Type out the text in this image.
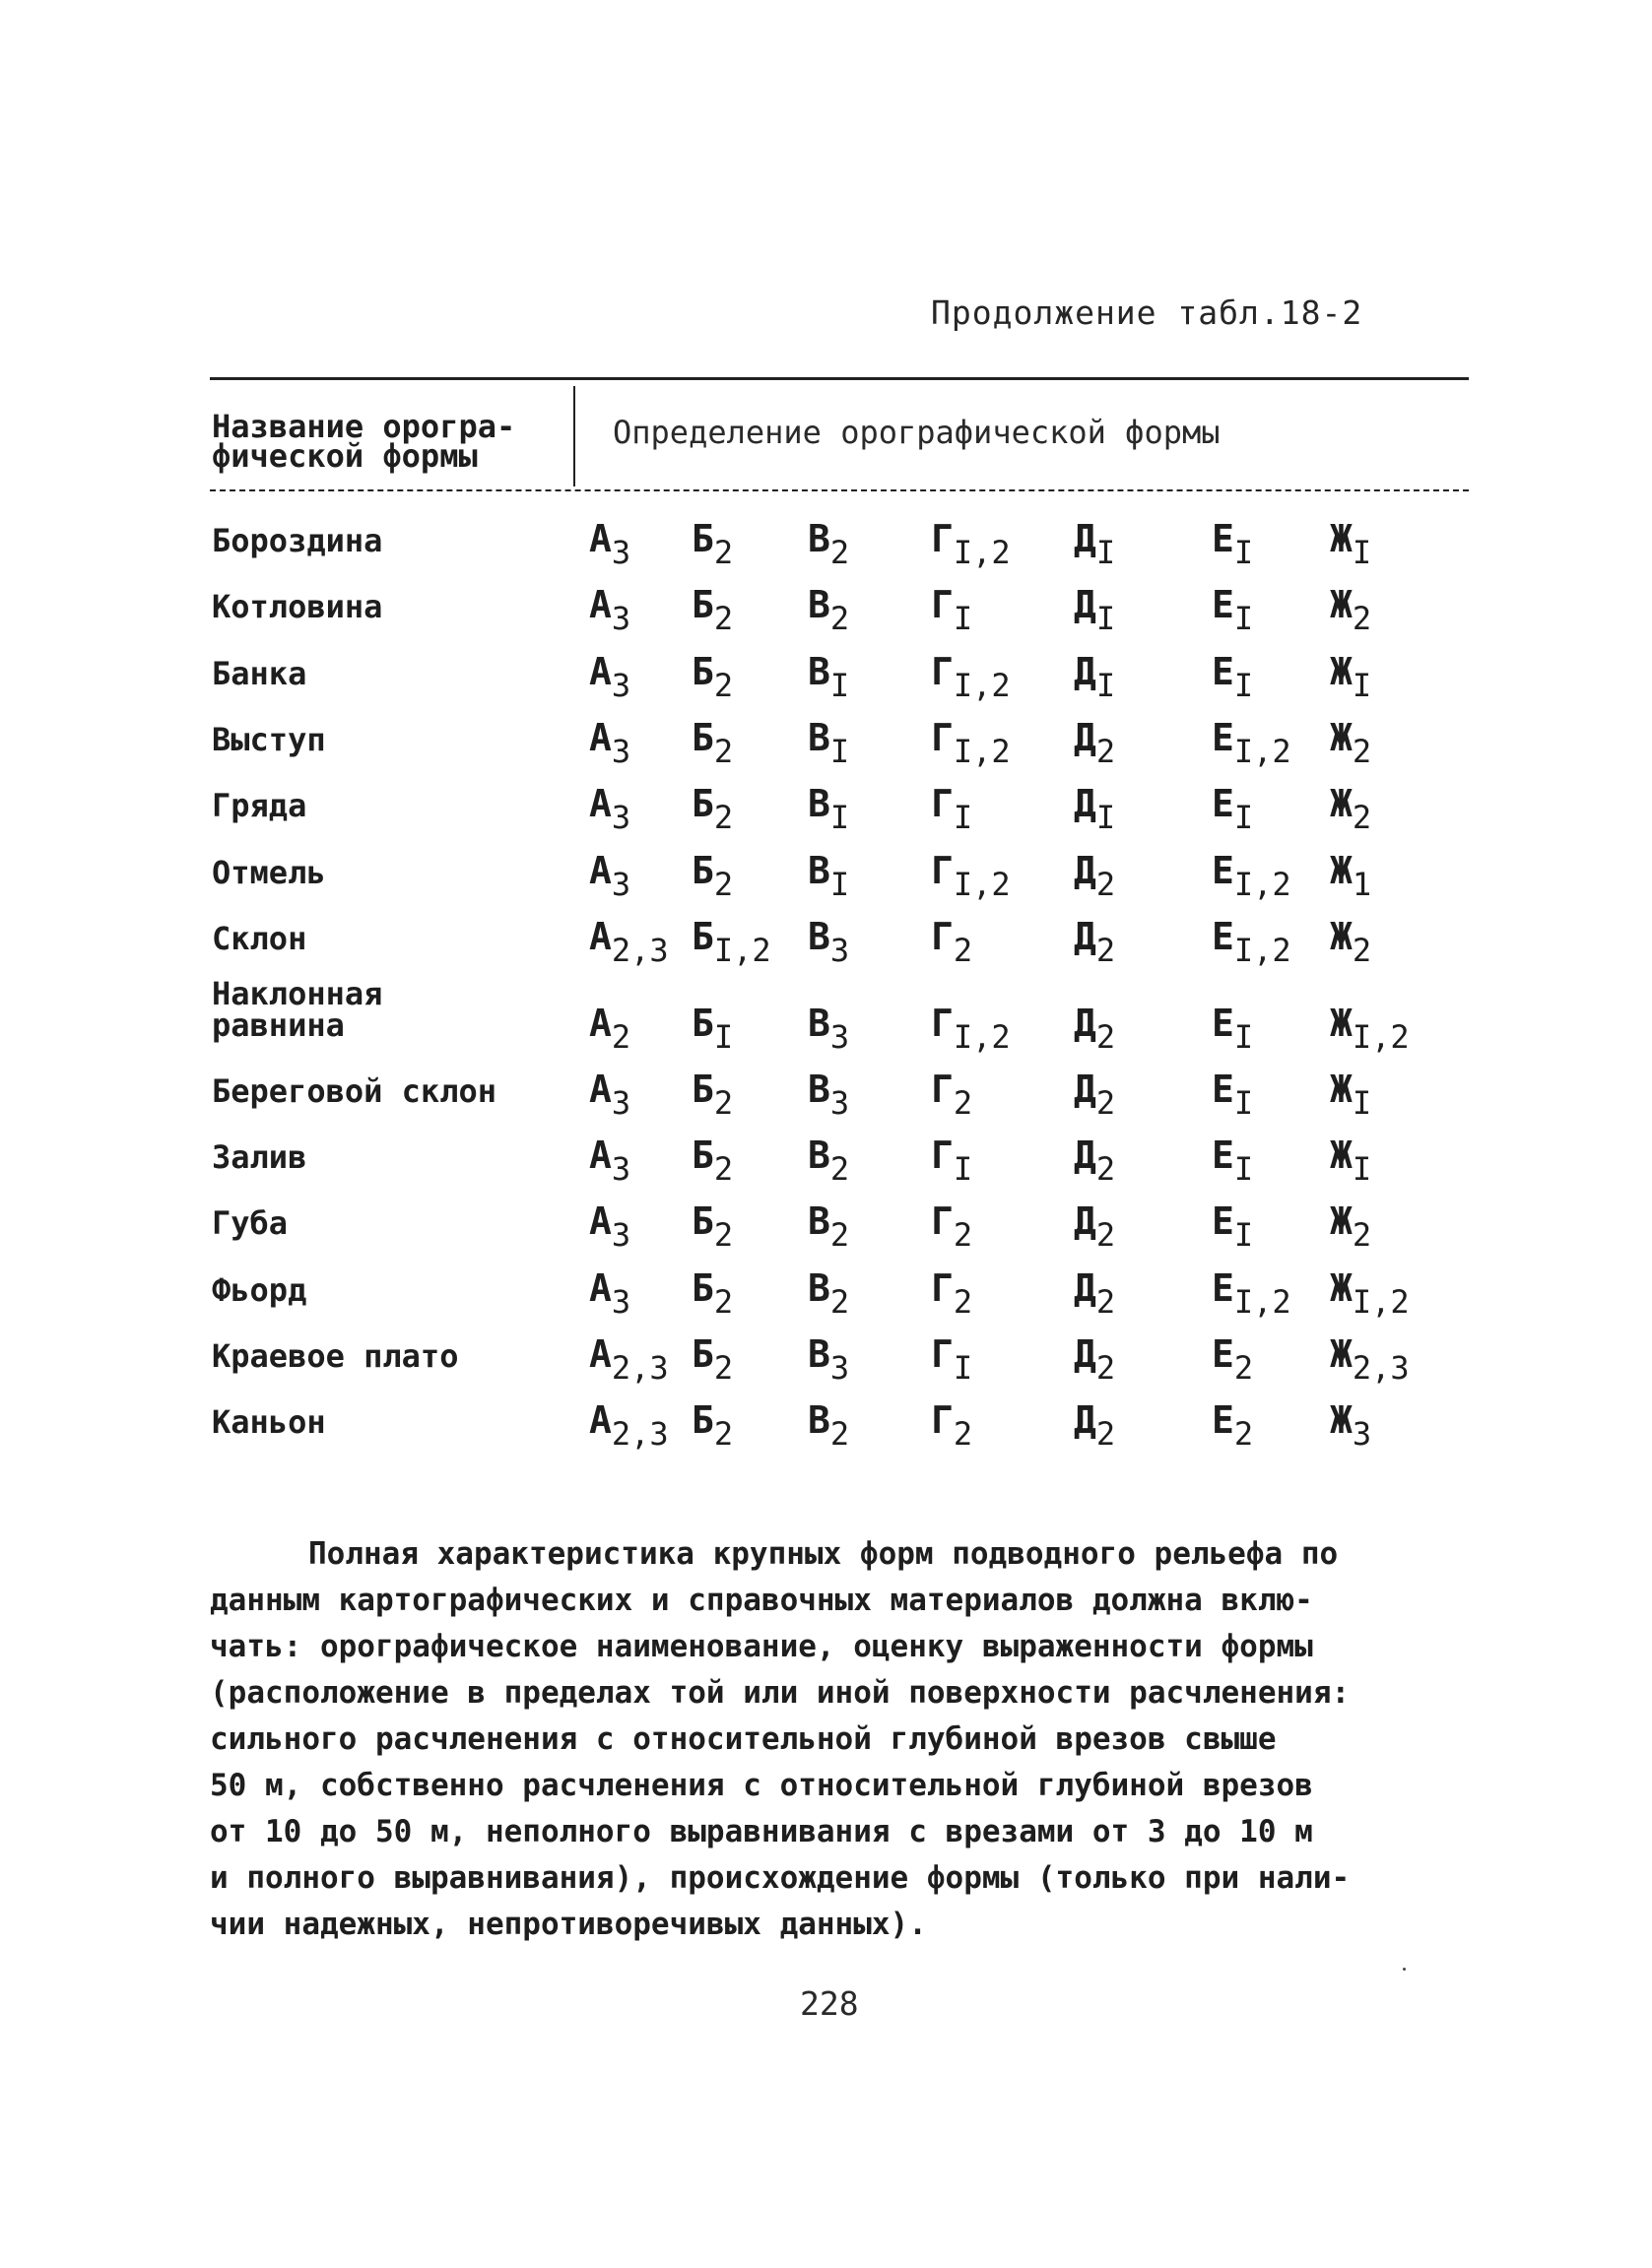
Продолжение табл.18-2
Название орогра-
фической формы
Определение орографической формы
Бороздина	$А_3$ $Б_2$ $В_2$ $Г_{I,2}$ $Д_I$	$Е_I$ $Ж_I$
Котловина	$А_3$ $Б_2$ $В_2$ $Г_I$	$Д_I$	$Е_I$ $Ж_2$
Банка	$А_3$ $Б_2$ $В_I$ $Г_{I,2}$ $Д_I$	$Е_I$ $Ж_I$
Выступ	$А_3$ $Б_2$ $В_I$ $Г_{I,2}$ $Д_2$	$Е_{I,2}$ $Ж_2$
Гряда	$А_3$ $Б_2$ $В_I$ $Г_I$	$Д_I$	$Е_I$ $Ж_2$
Отмель	$А_3$ $Б_2$ $В_I$ $Г_{I,2}$ $Д_2$	$Е_{I,2}$ $Ж_1$
Склон	$А_{2,3}$ $Б_{I,2}$ $В_3$ $Г_2$	$Д_2$	$Е_{I,2}$ $Ж_2$
Наклонная
равнина	$А_2$ $Б_I$ $В_3$ $Г_{I,2}$ $Д_2$	$Е_I$ $Ж_{I,2}$
Береговой склон	$А_3$ $Б_2$ $В_3$ $Г_2$	$Д_2$	$Е_I$ $Ж_I$
Залив	$А_3$ $Б_2$ $В_2$ $Г_I$	$Д_2$	$Е_I$ $Ж_I$
Губа	$А_3$ $Б_2$ $В_2$ $Г_2$	$Д_2$	$Е_I$ $Ж_2$
Фьорд	$А_3$ $Б_2$ $В_2$ $Г_2$	$Д_2$	$Е_{I,2}$ $Ж_{I,2}$
Краевое плато	$А_{2,3}$ $Б_2$ $В_3$ $Г_I$	$Д_2$	$Е_2$ $Ж_{2,3}$
Каньон	$А_{2,3}$ $Б_2$ $В_2$ $Г_2$	$Д_2$	$Е_2$ $Ж_3$
Полная характеристика крупных форм подводного рельефа по
данным картографических и справочных материалов должна вклю-
чать: орографическое наименование, оценку выраженности формы
(расположение в пределах той или иной поверхности расчленения:
сильного расчленения с относительной глубиной врезов свыше
50 м, собственно расчленения с относительной глубиной врезов
от 10 до 50 м, неполного выравнивания с врезами от 3 до 10 м
и полного выравнивания), происхождение формы (только при нали-
чии надежных, непротиворечивых данных).
228
